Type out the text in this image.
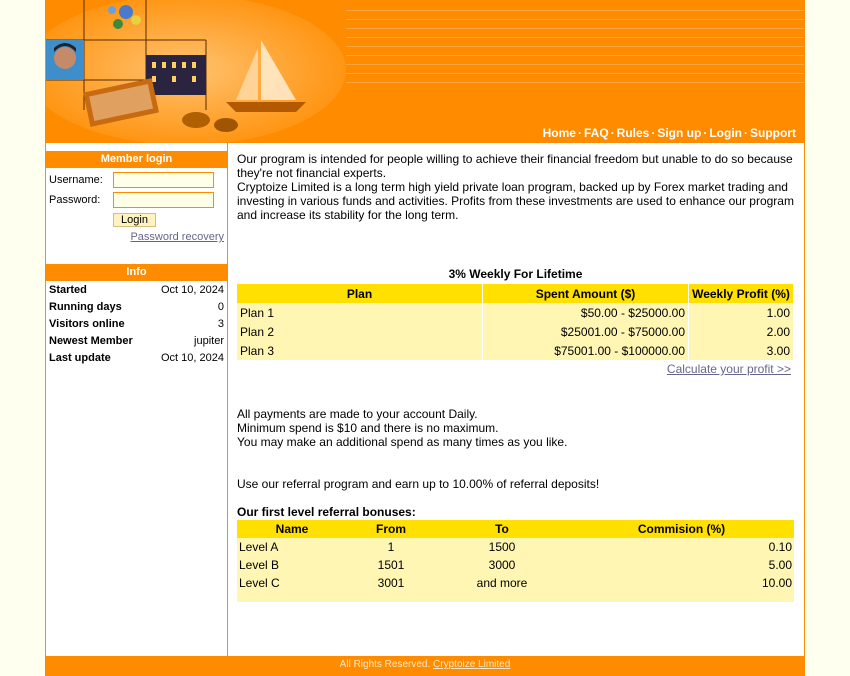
Home · FAQ · Rules · Sign up · Login · Support
Member login
Username:
Password:
Login
Password recovery
Info
Started	Oct 10, 2024
Running days	0
Visitors online	3
Newest Member	jupiter
Last update	Oct 10, 2024

Our program is intended for people willing to achieve their financial freedom but unable to do so because they're not financial experts.

Cryptoize Limited is a long term high yield private loan program, backed up by Forex market trading and investing in various funds and activities. Profits from these investments are used to enhance our program and increase its stability for the long term.

3% Weekly For Lifetime
Plan	Spent Amount ($)	Weekly Profit (%)
Plan 1	$50.00 - $25000.00	1.00
Plan 2	$25001.00 - $75000.00	2.00
Plan 3	$75001.00 - $100000.00	3.00
Calculate your profit >>

All payments are made to your account Daily.

Minimum spend is $10 and there is no maximum.

You may make an additional spend as many times as you like.

Use our referral program and earn up to 10.00% of referral deposits!

Our first level referral bonuses:
Name	From	To	Commision (%)
Level A	1	1500	0.10
Level B	1501	3000	5.00
Level C	3001	and more	10.00

All Rights Reserved. Cryptoize Limited
